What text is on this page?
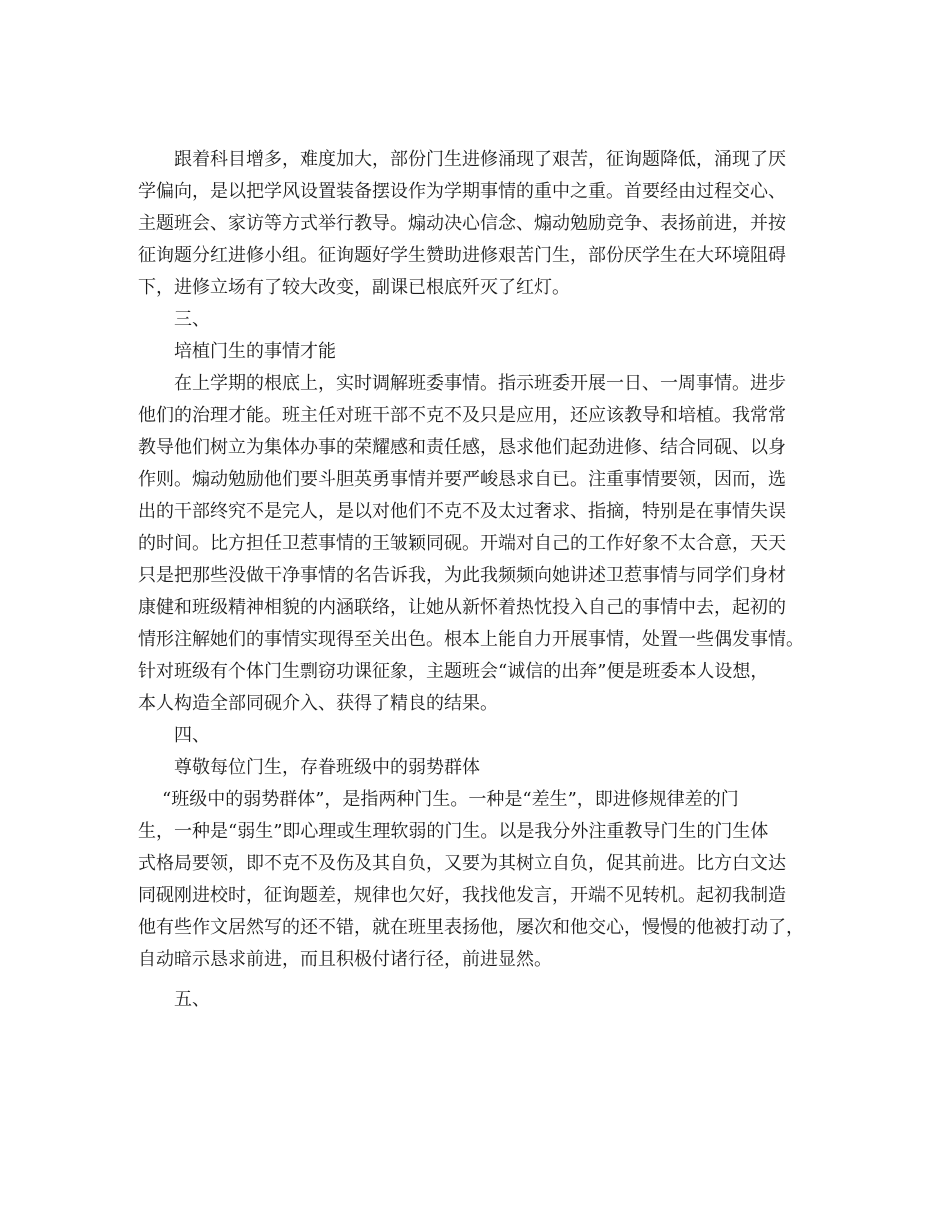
跟着科目增多，难度加大，部份门生进修涌现了艰苦，征询题降低，涌现了厌
学偏向，是以把学风设置装备摆设作为学期事情的重中之重。首要经由过程交心、
主题班会、家访等方式举行教导。煽动决心信念、煽动勉励竞争、表扬前进，并按
征询题分红进修小组。征询题好学生赞助进修艰苦门生，部份厌学生在大环境阻碍
下，进修立场有了较大改变，副课已根底歼灭了红灯。

三、

培植门生的事情才能

在上学期的根底上，实时调解班委事情。指示班委开展一日、一周事情。进步
他们的治理才能。班主任对班干部不克不及只是应用，还应该教导和培植。我常常
教导他们树立为集体办事的荣耀感和责任感，恳求他们起劲进修、结合同砚、以身
作则。煽动勉励他们要斗胆英勇事情并要严峻恳求自已。注重事情要领，因而，选
出的干部终究不是完人，是以对他们不克不及太过奢求、指摘，特别是在事情失误
的时间。比方担任卫惹事情的王皱颖同砚。开端对自己的工作好象不太合意，天天
只是把那些没做干净事情的名告诉我，为此我频频向她讲述卫惹事情与同学们身材
康健和班级精神相貌的内涵联络，让她从新怀着热忱投入自己的事情中去，起初的
情形注解她们的事情实现得至关出色。根本上能自力开展事情，处置一些偶发事情。
针对班级有个体门生剽窃功课征象，主题班会“诚信的出奔”便是班委本人设想，
本人构造全部同砚介入、获得了精良的结果。

四、

尊敬每位门生，存眷班级中的弱势群体

“班级中的弱势群体”，是指两种门生。一种是“差生”，即进修规律差的门
生，一种是“弱生”即心理或生理软弱的门生。以是我分外注重教导门生的门生体
式格局要领，即不克不及伤及其自负，又要为其树立自负，促其前进。比方白文达
同砚刚进校时，征询题差，规律也欠好，我找他发言，开端不见转机。起初我制造
他有些作文居然写的还不错，就在班里表扬他，屡次和他交心，慢慢的他被打动了，
自动暗示恳求前进，而且积极付诸行径，前进显然。

五、
